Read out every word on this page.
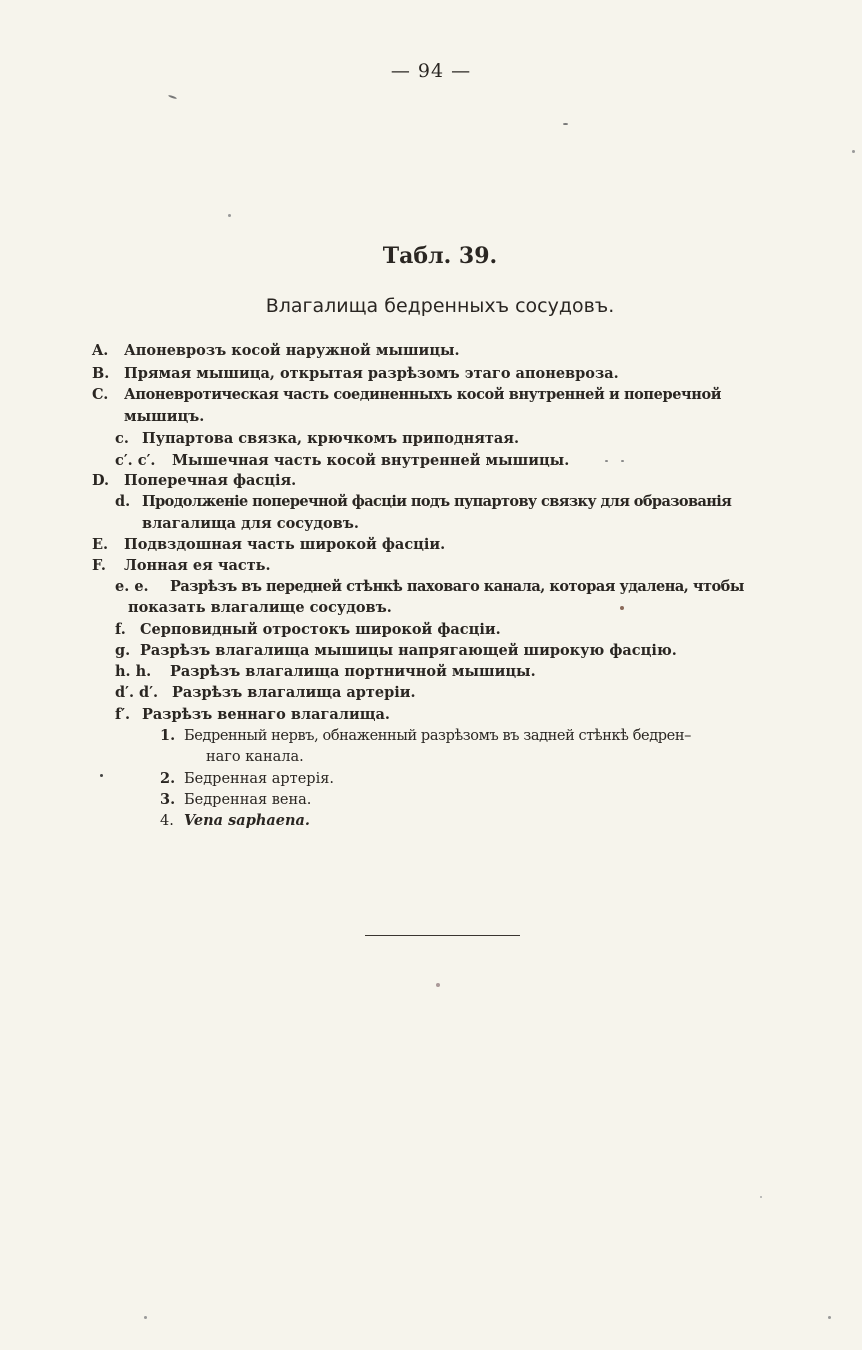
— 94 —
Табл. 39.
Влагалища бедренныхъ сосудовъ.
A. Апоневрозъ косой наружной мышицы.
B. Прямая мышица, открытая разрѣзомъ этаго апоневроза.
C. Апоневротическая часть соединенныхъ косой внутренней и поперечной
мышицъ.
c. Пупартова связка, крючкомъ приподнятая.
c′. c′. Мышечная часть косой внутренней мышицы.
D. Поперечная фасція.
d. Продолженіе поперечной фасціи подъ пупартову связку для образованія
влагалища для сосудовъ.
E. Подвздошная часть широкой фасціи.
F. Лонная ея часть.
e. e. Разрѣзъ въ передней стѣнкѣ паховаго канала, которая удалена, чтобы
показать влагалище сосудовъ.
f. Серповидный отростокъ широкой фасціи.
g. Разрѣзъ влагалища мышицы напрягающей широкую фасцію.
h. h. Разрѣзъ влагалища портничной мышицы.
d′. d′. Разрѣзъ влагалища артеріи.
f′. Разрѣзъ веннаго влагалища.
1. Бедренный нервъ, обнаженный разрѣзомъ въ задней стѣнкѣ бедрен–
наго канала.
2. Бедренная артерія.
3. Бедренная вена.
4. Vena saphaena.
